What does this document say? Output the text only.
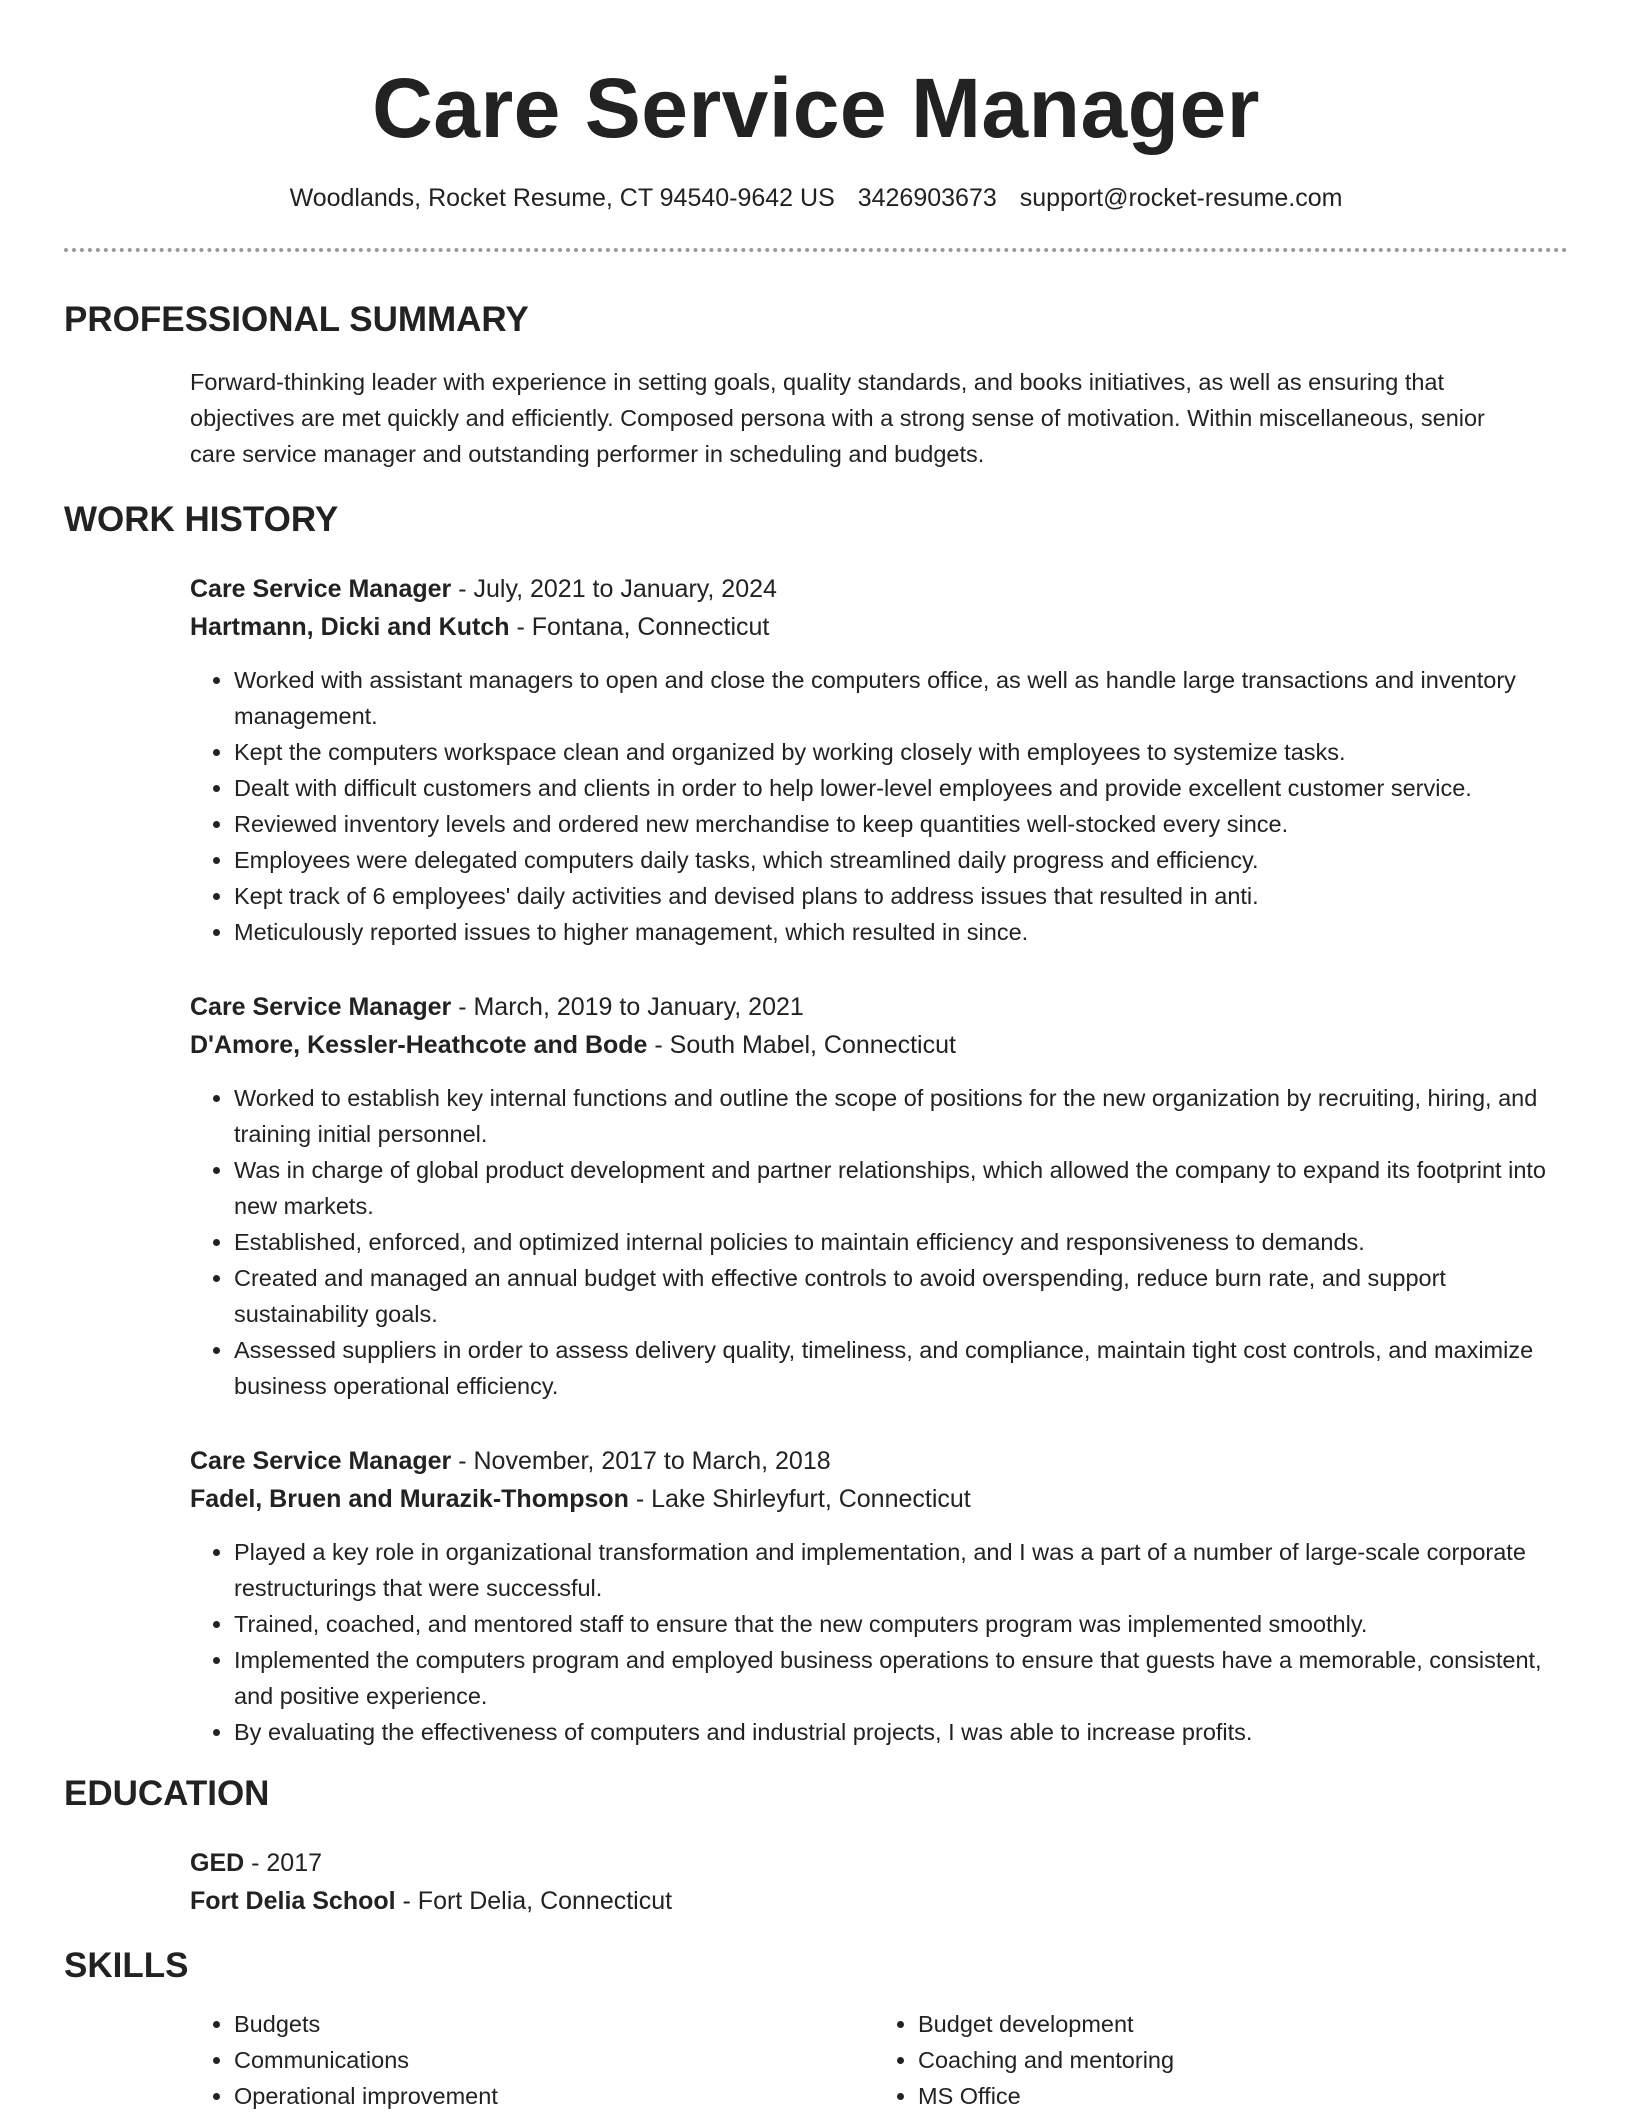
Care Service Manager
Woodlands, Rocket Resume, CT 94540-9642 US 3426903673 support@rocket-resume.com
PROFESSIONAL SUMMARY

Forward-thinking leader with experience in setting goals, quality standards, and books initiatives, as well as ensuring that objectives are met quickly and efficiently. Composed persona with a strong sense of motivation. Within miscellaneous, senior care service manager and outstanding performer in scheduling and budgets.

WORK HISTORY
Care Service Manager - July, 2021 to January, 2024
Hartmann, Dicki and Kutch - Fontana, Connecticut
• Worked with assistant managers to open and close the computers office, as well as handle large transactions and inventory management.
• Kept the computers workspace clean and organized by working closely with employees to systemize tasks.
• Dealt with difficult customers and clients in order to help lower-level employees and provide excellent customer service.
• Reviewed inventory levels and ordered new merchandise to keep quantities well-stocked every since.
• Employees were delegated computers daily tasks, which streamlined daily progress and efficiency.
• Kept track of 6 employees' daily activities and devised plans to address issues that resulted in anti.
• Meticulously reported issues to higher management, which resulted in since.
Care Service Manager - March, 2019 to January, 2021
D'Amore, Kessler-Heathcote and Bode - South Mabel, Connecticut
• Worked to establish key internal functions and outline the scope of positions for the new organization by recruiting, hiring, and training initial personnel.
• Was in charge of global product development and partner relationships, which allowed the company to expand its footprint into new markets.
• Established, enforced, and optimized internal policies to maintain efficiency and responsiveness to demands.
• Created and managed an annual budget with effective controls to avoid overspending, reduce burn rate, and support sustainability goals.
• Assessed suppliers in order to assess delivery quality, timeliness, and compliance, maintain tight cost controls, and maximize business operational efficiency.
Care Service Manager - November, 2017 to March, 2018
Fadel, Bruen and Murazik-Thompson - Lake Shirleyfurt, Connecticut
• Played a key role in organizational transformation and implementation, and I was a part of a number of large-scale corporate restructurings that were successful.
• Trained, coached, and mentored staff to ensure that the new computers program was implemented smoothly.
• Implemented the computers program and employed business operations to ensure that guests have a memorable, consistent, and positive experience.
• By evaluating the effectiveness of computers and industrial projects, I was able to increase profits.
EDUCATION
GED - 2017
Fort Delia School - Fort Delia, Connecticut
SKILLS
• Budgets
• Communications
• Operational improvement
• Budget development
• Coaching and mentoring
• MS Office
